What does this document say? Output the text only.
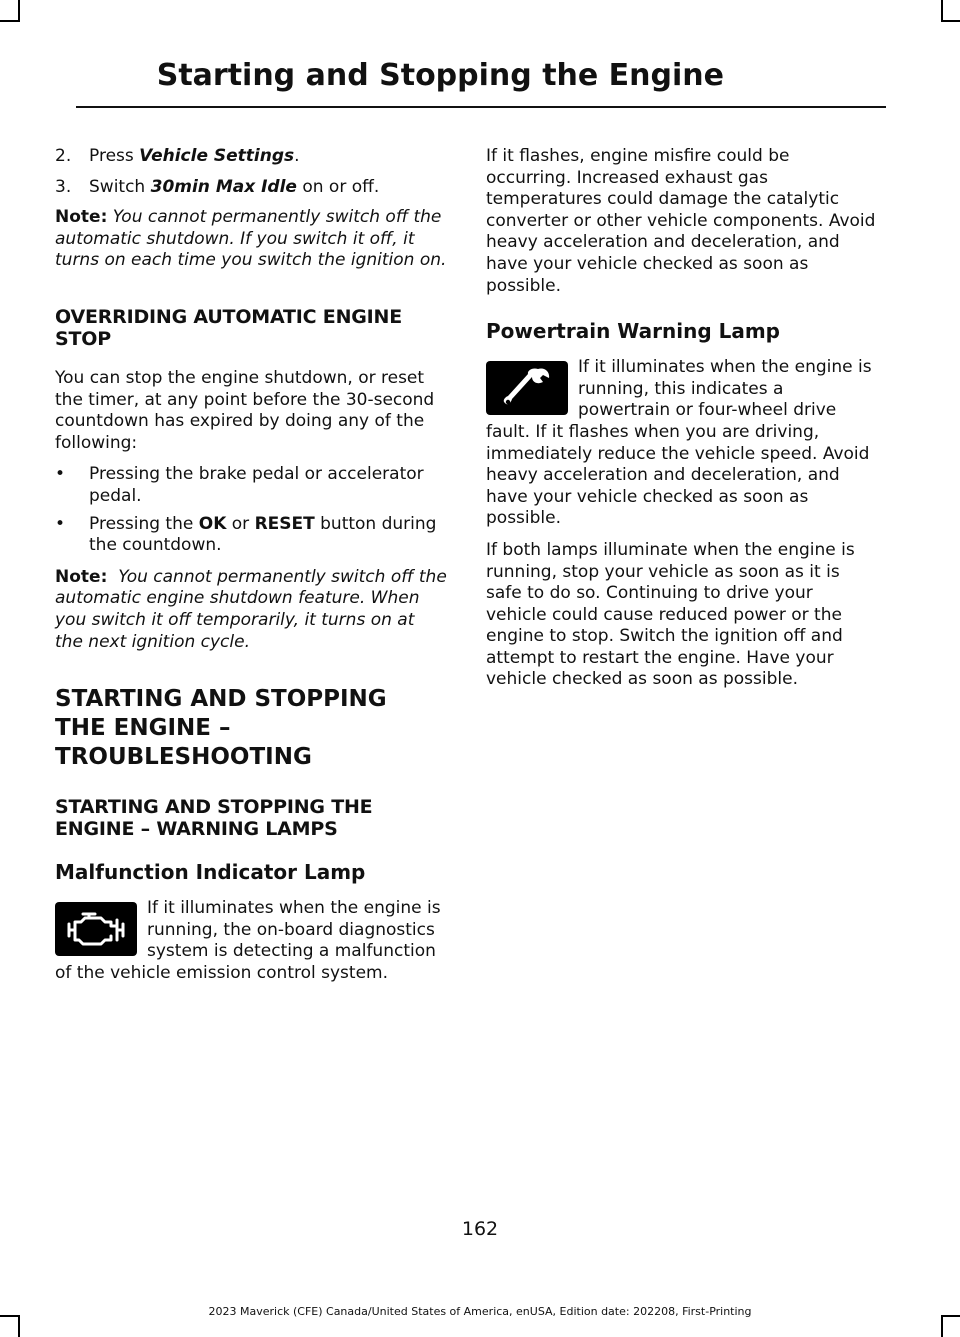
Starting and Stopping the Engine
2.	Press Vehicle Settings.
3.	Switch 30min Max Idle on or off.

Note: You cannot permanently switch off the automatic shutdown. If you switch it off, it turns on each time you switch the ignition on.

OVERRIDING AUTOMATIC ENGINE STOP

You can stop the engine shutdown, or reset the timer, at any point before the 30-second countdown has expired by doing any of the following:

•	Pressing the brake pedal or accelerator pedal.
•	Pressing the OK or RESET button during the countdown.

Note: You cannot permanently switch off the automatic engine shutdown feature. When you switch it off temporarily, it turns on at the next ignition cycle.

STARTING AND STOPPING
THE ENGINE –
TROUBLESHOOTING
STARTING AND STOPPING THE ENGINE – WARNING LAMPS
Malfunction Indicator Lamp

If it illuminates when the engine is running, the on-board diagnostics system is detecting a malfunction of the vehicle emission control system.

If it flashes, engine misfire could be occurring. Increased exhaust gas temperatures could damage the catalytic converter or other vehicle components. Avoid heavy acceleration and deceleration, and have your vehicle checked as soon as possible.

Powertrain Warning Lamp

If it illuminates when the engine is running, this indicates a powertrain or four-wheel drive fault. If it flashes when you are driving, immediately reduce the vehicle speed. Avoid heavy acceleration and deceleration, and have your vehicle checked as soon as possible.

If both lamps illuminate when the engine is running, stop your vehicle as soon as it is safe to do so. Continuing to drive your vehicle could cause reduced power or the engine to stop. Switch the ignition off and attempt to restart the engine. Have your vehicle checked as soon as possible.

162
2023 Maverick (CFE) Canada/United States of America, enUSA, Edition date: 202208, First-Printing
